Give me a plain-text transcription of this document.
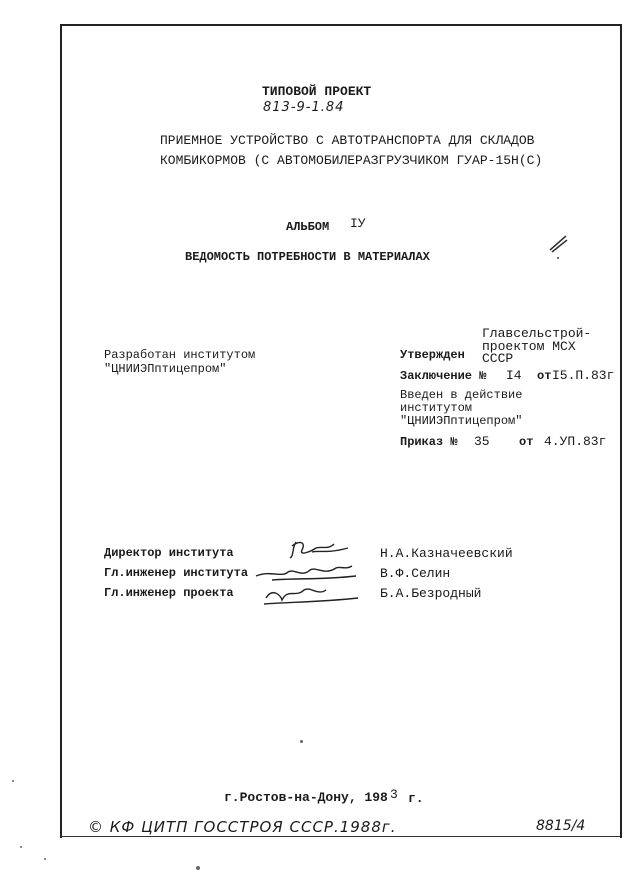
ТИПОВОЙ ПРОЕКТ
813-9-1.84
ПРИЕМНОЕ УСТРОЙСТВО С АВТОТРАНСПОРТА ДЛЯ СКЛАДОВ
КОМБИКОРМОВ (С АВТОМОБИЛЕРАЗГРУЗЧИКОМ ГУАР-15Н(С)
АЛЬБОМ IУ
ВЕДОМОСТЬ ПОТРЕБНОСТИ В МАТЕРИАЛАХ
Разработан институтом
"ЦНИИЭПптицепром"
Главсельстрой-
проектом МСХ
СССР
Утвержден
Заключение № I4 от I5.П.83г
Введен в действие
институтом
"ЦНИИЭПптицепром"
Приказ № 35 от 4.УП.83г
Директор института	Н.А.Казначеевский
Гл.инженер института	В.Ф.Селин
Гл.инженер проекта	Б.А.Безродный
г.Ростов-на-Дону, 198 3 г.
© КФ ЦИТП ГОССТРОЯ СССР.1988г.	8815/4
